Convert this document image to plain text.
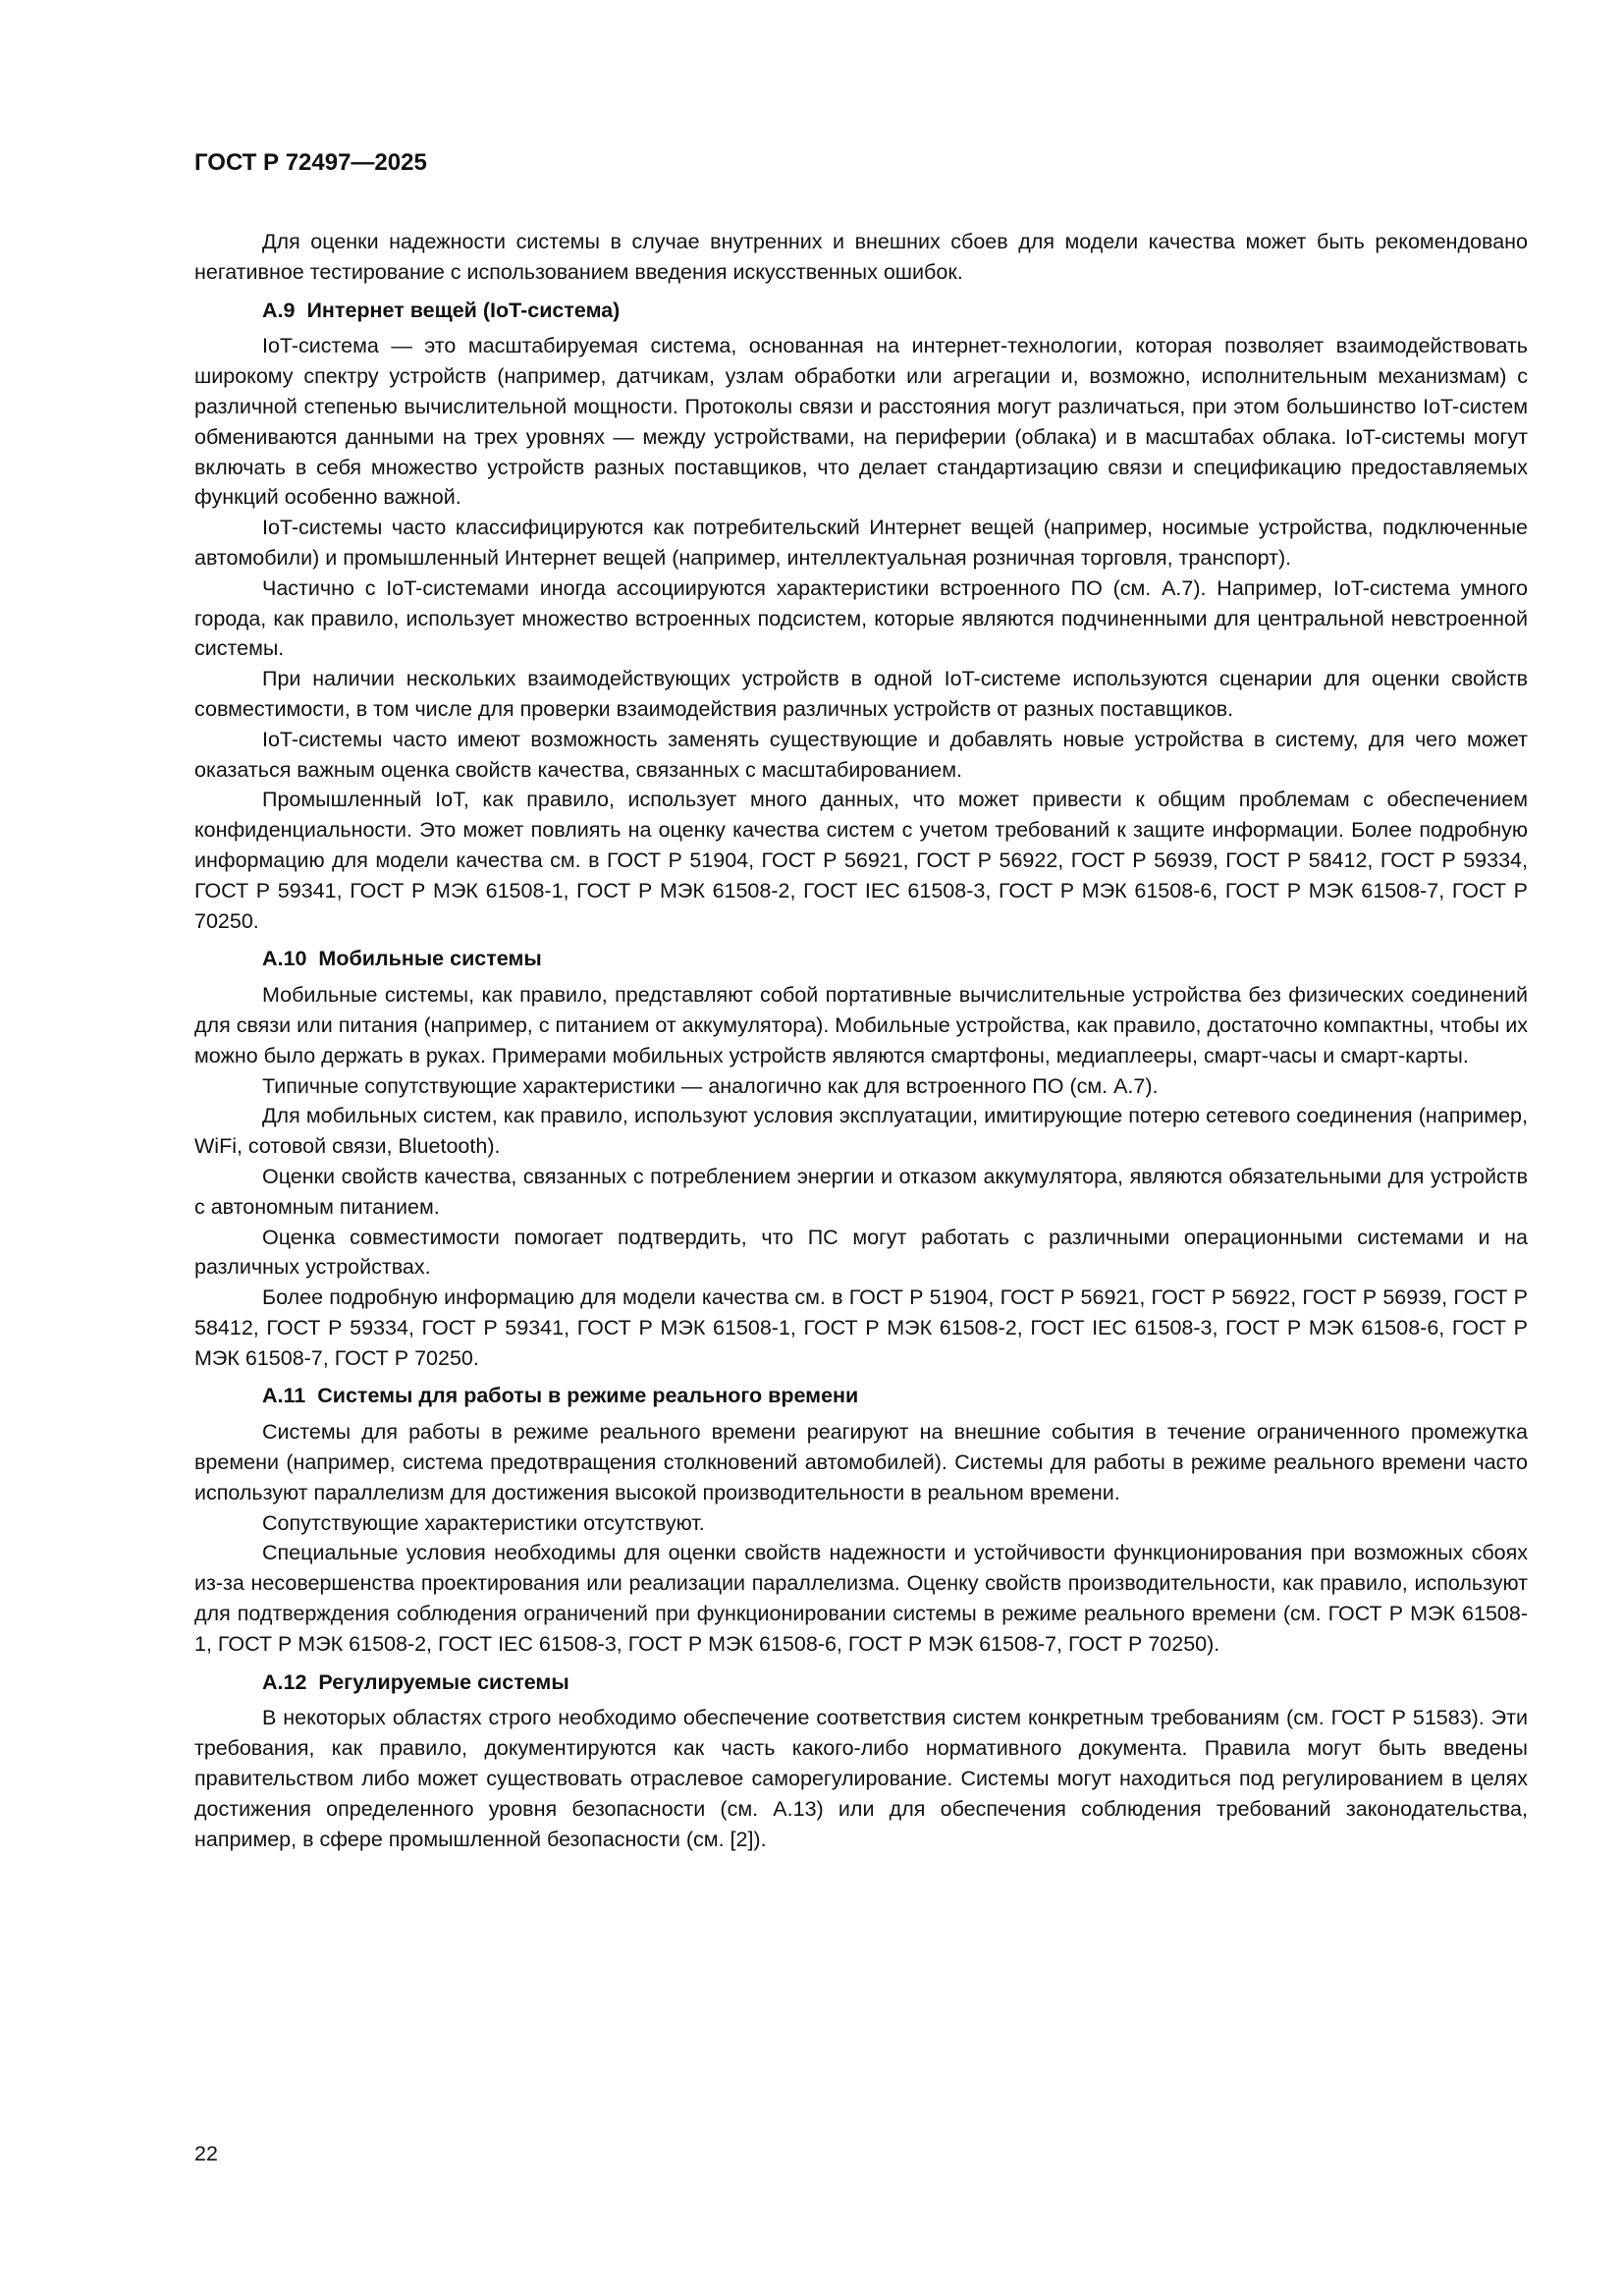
ГОСТ Р 72497—2025

Для оценки надежности системы в случае внутренних и внешних сбоев для модели качества может быть рекомендовано негативное тестирование с использованием введения искусственных ошибок.

А.9 Интернет вещей (IoT-система)

IoT-система — это масштабируемая система, основанная на интернет-технологии, которая позволяет взаимодействовать широкому спектру устройств (например, датчикам, узлам обработки или агрегации и, возможно, исполнительным механизмам) с различной степенью вычислительной мощности. Протоколы связи и расстояния могут различаться, при этом большинство IoT-систем обмениваются данными на трех уровнях — между устройствами, на периферии (облака) и в масштабах облака. IoT-системы могут включать в себя множество устройств разных поставщиков, что делает стандартизацию связи и спецификацию предоставляемых функций особенно важной.

IoT-системы часто классифицируются как потребительский Интернет вещей (например, носимые устройства, подключенные автомобили) и промышленный Интернет вещей (например, интеллектуальная розничная торговля, транспорт).

Частично с IoT-системами иногда ассоциируются характеристики встроенного ПО (см. А.7). Например, IoT-система умного города, как правило, использует множество встроенных подсистем, которые являются подчиненными для центральной невстроенной системы.

При наличии нескольких взаимодействующих устройств в одной IoT-системе используются сценарии для оценки свойств совместимости, в том числе для проверки взаимодействия различных устройств от разных поставщиков.

IoT-системы часто имеют возможность заменять существующие и добавлять новые устройства в систему, для чего может оказаться важным оценка свойств качества, связанных с масштабированием.

Промышленный IoT, как правило, использует много данных, что может привести к общим проблемам с обеспечением конфиденциальности. Это может повлиять на оценку качества систем с учетом требований к защите информации. Более подробную информацию для модели качества см. в ГОСТ Р 51904, ГОСТ Р 56921, ГОСТ Р 56922, ГОСТ Р 56939, ГОСТ Р 58412, ГОСТ Р 59334, ГОСТ Р 59341, ГОСТ Р МЭК 61508-1, ГОСТ Р МЭК 61508-2, ГОСТ IEC 61508-3, ГОСТ Р МЭК 61508-6, ГОСТ Р МЭК 61508-7, ГОСТ Р 70250.

А.10 Мобильные системы

Мобильные системы, как правило, представляют собой портативные вычислительные устройства без физических соединений для связи или питания (например, с питанием от аккумулятора). Мобильные устройства, как правило, достаточно компактны, чтобы их можно было держать в руках. Примерами мобильных устройств являются смартфоны, медиаплееры, смарт-часы и смарт-карты.

Типичные сопутствующие характеристики — аналогично как для встроенного ПО (см. А.7).

Для мобильных систем, как правило, используют условия эксплуатации, имитирующие потерю сетевого соединения (например, WiFi, сотовой связи, Bluetooth).

Оценки свойств качества, связанных с потреблением энергии и отказом аккумулятора, являются обязательными для устройств с автономным питанием.

Оценка совместимости помогает подтвердить, что ПС могут работать с различными операционными системами и на различных устройствах.

Более подробную информацию для модели качества см. в ГОСТ Р 51904, ГОСТ Р 56921, ГОСТ Р 56922, ГОСТ Р 56939, ГОСТ Р 58412, ГОСТ Р 59334, ГОСТ Р 59341, ГОСТ Р МЭК 61508-1, ГОСТ Р МЭК 61508-2, ГОСТ IEC 61508-3, ГОСТ Р МЭК 61508-6, ГОСТ Р МЭК 61508-7, ГОСТ Р 70250.

А.11 Системы для работы в режиме реального времени

Системы для работы в режиме реального времени реагируют на внешние события в течение ограниченного промежутка времени (например, система предотвращения столкновений автомобилей). Системы для работы в режиме реального времени часто используют параллелизм для достижения высокой производительности в реальном времени.

Сопутствующие характеристики отсутствуют.

Специальные условия необходимы для оценки свойств надежности и устойчивости функционирования при возможных сбоях из-за несовершенства проектирования или реализации параллелизма. Оценку свойств производительности, как правило, используют для подтверждения соблюдения ограничений при функционировании системы в режиме реального времени (см. ГОСТ Р МЭК 61508-1, ГОСТ Р МЭК 61508-2, ГОСТ IEC 61508-3, ГОСТ Р МЭК 61508-6, ГОСТ Р МЭК 61508-7, ГОСТ Р 70250).

А.12 Регулируемые системы

В некоторых областях строго необходимо обеспечение соответствия систем конкретным требованиям (см. ГОСТ Р 51583). Эти требования, как правило, документируются как часть какого-либо нормативного документа. Правила могут быть введены правительством либо может существовать отраслевое саморегулирование. Системы могут находиться под регулированием в целях достижения определенного уровня безопасности (см. А.13) или для обеспечения соблюдения требований законодательства, например, в сфере промышленной безопасности (см. [2]).

22
